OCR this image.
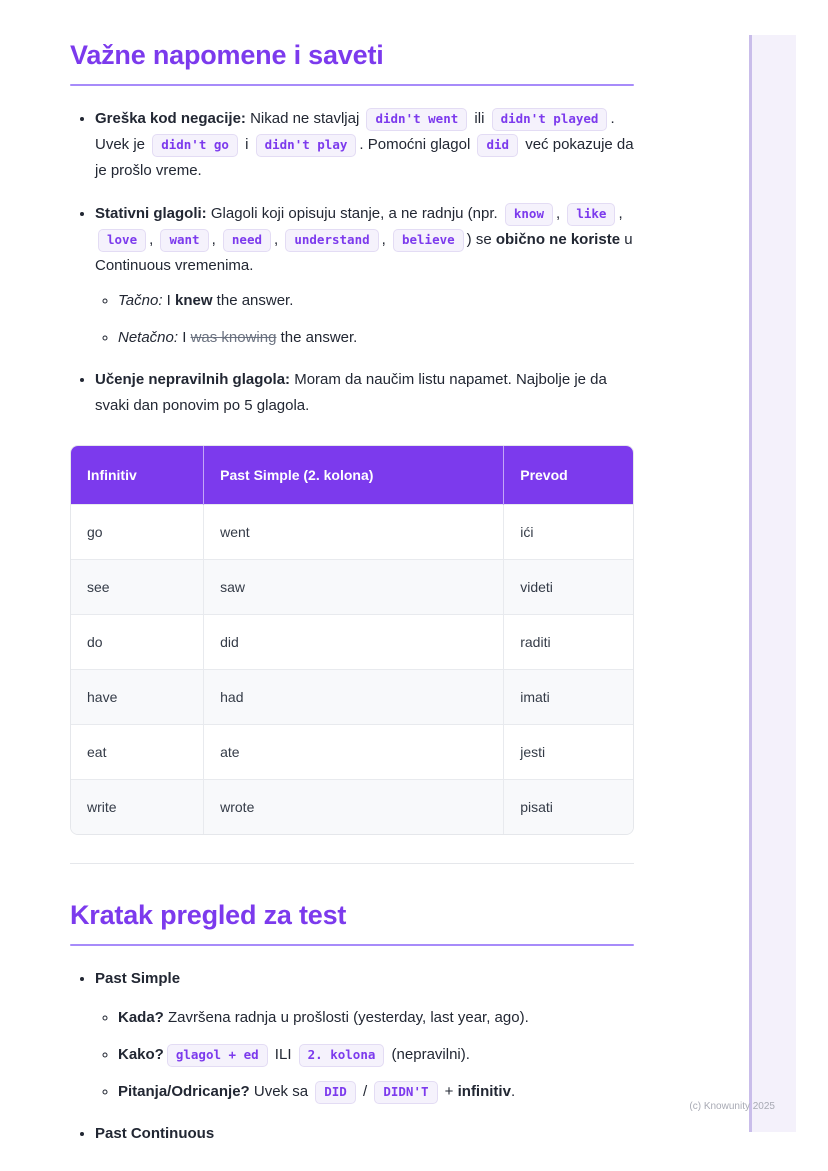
Važne napomene i saveti
• Greška kod negacije: Nikad ne stavljaj didn't went ili didn't played . Uvek je didn't go i didn't play . Pomoćni glagol did već pokazuje da je prošlo vreme.
• Stativni glagoli: Glagoli koji opisuju stanje, a ne radnju (npr. know , like , love , want , need , understand , believe ) se obično ne koriste u Continuous vremenima.
◦ Tačno: I knew the answer.
◦ Netačno: I was knowing the answer.
• Učenje nepravilnih glagola: Moram da naučim listu napamet. Najbolje je da svaki dan ponovim po 5 glagola.
Infinitiv	Past Simple (2. kolona)	Prevod
go	went	ići
see	saw	videti
do	did	raditi
have	had	imati
eat	ate	jesti
write	wrote	pisati
Kratak pregled za test
• Past Simple
◦ Kada? Završena radnja u prošlosti (yesterday, last year, ago).
◦ Kako? glagol + ed ILI 2. kolona (nepravilni).
◦ Pitanja/Odricanje? Uvek sa DID / DIDN'T + infinitiv.
• Past Continuous
(c) Knowunity 2025
